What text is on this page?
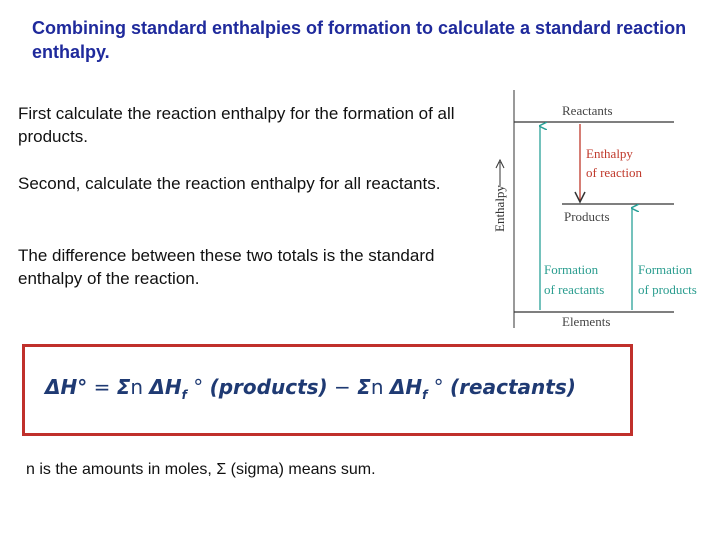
Combining standard enthalpies of formation to calculate a standard reaction enthalpy.
First calculate the reaction enthalpy for the formation of all products.
Second, calculate the reaction enthalpy for all reactants.
The difference between these two totals is the standard enthalpy of the reaction.
Enthalpy
Reactants
Products
Elements
Enthalpy
of reaction
Formation
of reactants
Formation
of products
ΔH° = Σn $\Delta H_f$ ° (products) − Σn $\Delta H_f$ ° (reactants)
n is the amounts in moles, Σ (sigma) means sum.
